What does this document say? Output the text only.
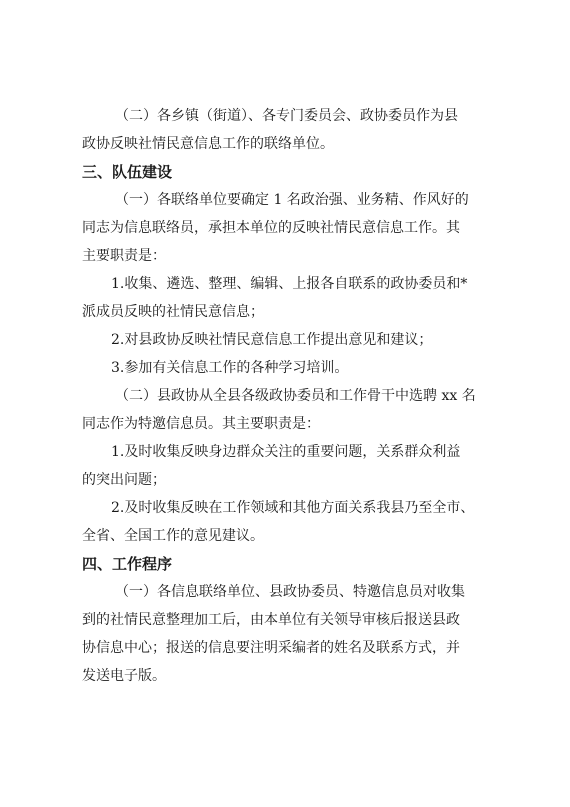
（二）各乡镇（街道）、各专门委员会、政协委员作为县
政协反映社情民意信息工作的联络单位。
三、队伍建设
（一）各联络单位要确定 1 名政治强、业务精、作风好的
同志为信息联络员，承担本单位的反映社情民意信息工作。其
主要职责是：
1.收集、遴选、整理、编辑、上报各自联系的政协委员和*
派成员反映的社情民意信息；
2.对县政协反映社情民意信息工作提出意见和建议；
3.参加有关信息工作的各种学习培训。
（二）县政协从全县各级政协委员和工作骨干中选聘 xx 名
同志作为特邀信息员。其主要职责是：
1.及时收集反映身边群众关注的重要问题，关系群众利益
的突出问题；
2.及时收集反映在工作领域和其他方面关系我县乃至全市、
全省、全国工作的意见建议。
四、工作程序
（一）各信息联络单位、县政协委员、特邀信息员对收集
到的社情民意整理加工后，由本单位有关领导审核后报送县政
协信息中心；报送的信息要注明采编者的姓名及联系方式，并
发送电子版。
